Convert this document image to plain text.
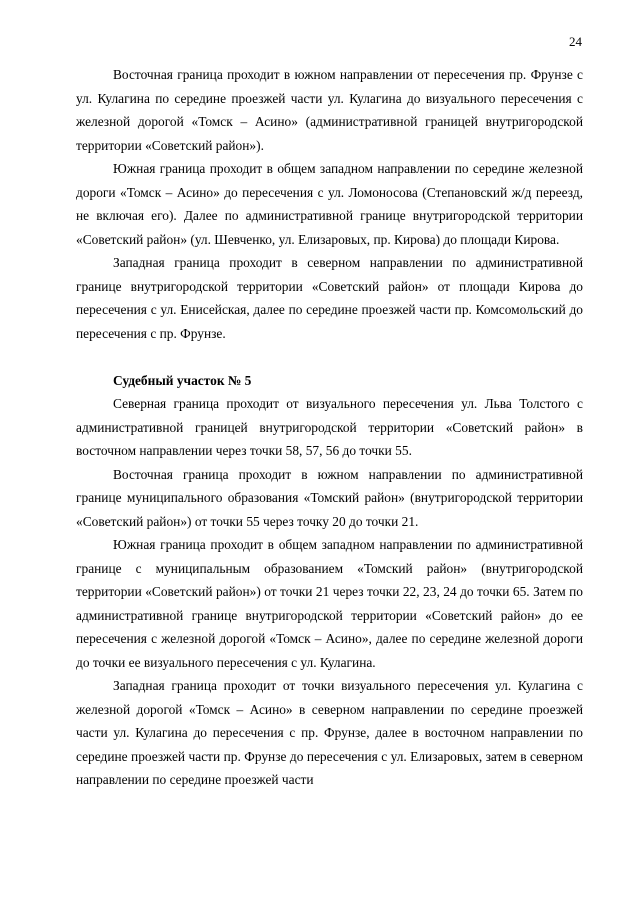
24

Восточная граница проходит в южном направлении от пересечения пр. Фрунзе с ул. Кулагина по середине проезжей части ул. Кулагина до визуального пересечения с железной дорогой «Томск – Асино» (административной границей внутригородской территории «Советский район»).

Южная граница проходит в общем западном направлении по середине железной дороги «Томск – Асино» до пересечения с ул. Ломоносова (Степановский ж/д переезд, не включая его). Далее по административной границе внутригородской территории «Советский район» (ул. Шевченко, ул. Елизаровых, пр. Кирова) до площади Кирова.

Западная граница проходит в северном направлении по административной границе внутригородской территории «Советский район» от площади Кирова до пересечения с ул. Енисейская, далее по середине проезжей части пр. Комсомольский до пересечения с пр. Фрунзе.

Судебный участок № 5

Северная граница проходит от визуального пересечения ул. Льва Толстого с административной границей внутригородской территории «Советский район» в восточном направлении через точки 58, 57, 56 до точки 55.

Восточная граница проходит в южном направлении по административной границе муниципального образования «Томский район» (внутригородской территории «Советский район») от точки 55 через точку 20 до точки 21.

Южная граница проходит в общем западном направлении по административной границе с муниципальным образованием «Томский район» (внутригородской территории «Советский район») от точки 21 через точки 22, 23, 24 до точки 65. Затем по административной границе внутригородской территории «Советский район» до ее пересечения с железной дорогой «Томск – Асино», далее по середине железной дороги до точки ее визуального пересечения с ул. Кулагина.

Западная граница проходит от точки визуального пересечения ул. Кулагина с железной дорогой «Томск – Асино» в северном направлении по середине проезжей части ул. Кулагина до пересечения с пр. Фрунзе, далее в восточном направлении по середине проезжей части пр. Фрунзе до пересечения с ул. Елизаровых, затем в северном направлении по середине проезжей части
